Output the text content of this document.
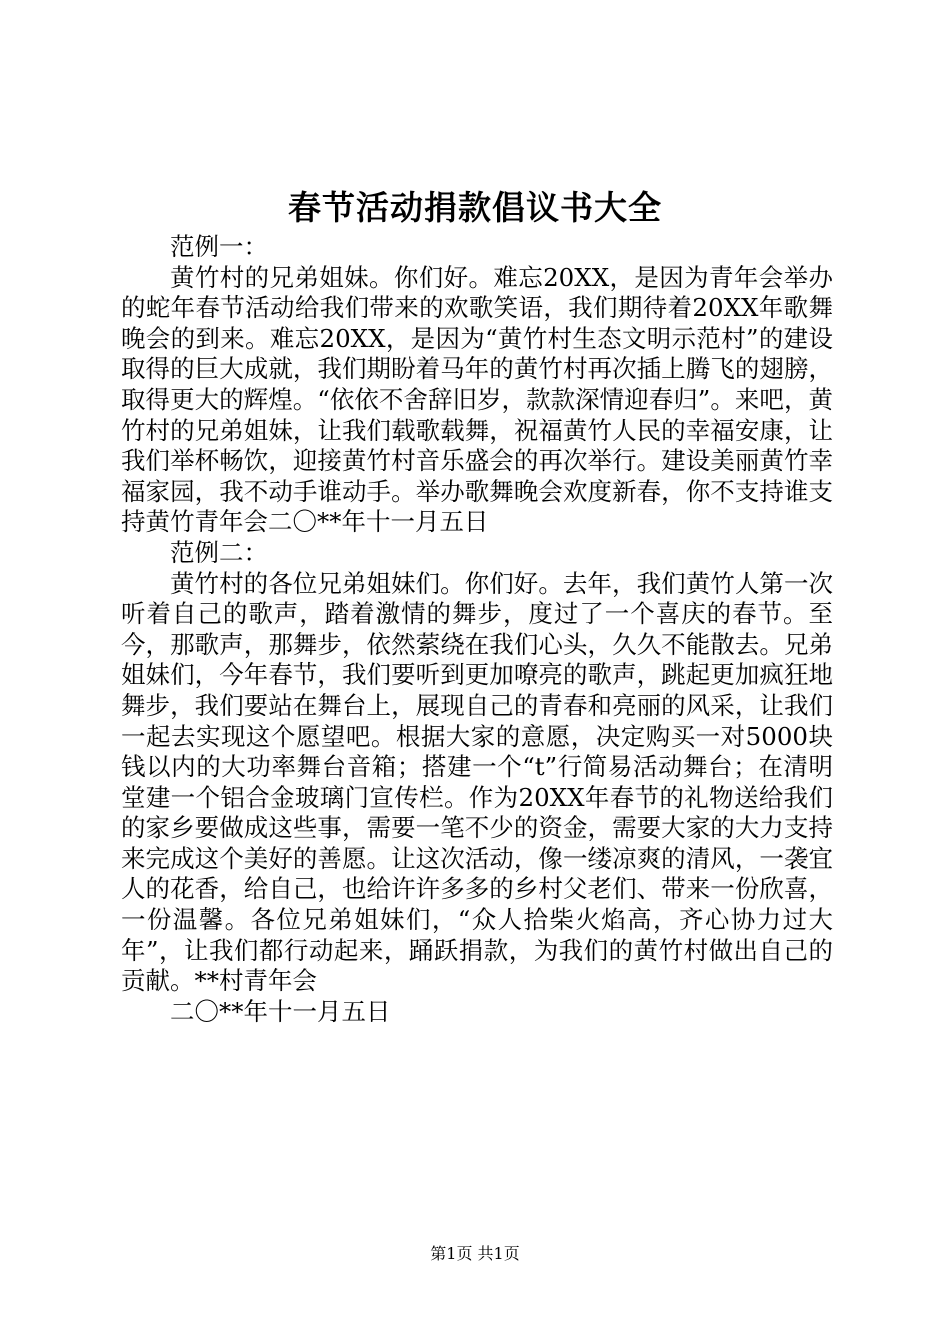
春节活动捐款倡议书大全

范例一：

黄竹村的兄弟姐妹。你们好。难忘20XX，是因为青年会举办的蛇年春节活动给我们带来的欢歌笑语，我们期待着20XX年歌舞晚会的到来。难忘20XX，是因为“黄竹村生态文明示范村”的建设取得的巨大成就，我们期盼着马年的黄竹村再次插上腾飞的翅膀，取得更大的辉煌。“依依不舍辞旧岁，款款深情迎春归”。来吧，黄竹村的兄弟姐妹，让我们载歌载舞，祝福黄竹人民的幸福安康，让我们举杯畅饮，迎接黄竹村音乐盛会的再次举行。建设美丽黄竹幸福家园，我不动手谁动手。举办歌舞晚会欢度新春，你不支持谁支持黄竹青年会二〇**年十一月五日

范例二：

黄竹村的各位兄弟姐妹们。你们好。去年，我们黄竹人第一次听着自己的歌声，踏着激情的舞步，度过了一个喜庆的春节。至今，那歌声，那舞步，依然萦绕在我们心头，久久不能散去。兄弟姐妹们，今年春节，我们要听到更加嘹亮的歌声，跳起更加疯狂地舞步，我们要站在舞台上，展现自己的青春和亮丽的风采，让我们一起去实现这个愿望吧。根据大家的意愿，决定购买一对5000块钱以内的大功率舞台音箱；搭建一个“t”行简易活动舞台；在清明堂建一个铝合金玻璃门宣传栏。作为20XX年春节的礼物送给我们的家乡要做成这些事，需要一笔不少的资金，需要大家的大力支持来完成这个美好的善愿。让这次活动，像一缕凉爽的清风，一袭宜人的花香，给自己，也给许许多多的乡村父老们、带来一份欣喜，一份温馨。各位兄弟姐妹们，“众人拾柴火焰高，齐心协力过大年”，让我们都行动起来，踊跃捐款，为我们的黄竹村做出自己的贡献。**村青年会

二〇**年十一月五日

第1页 共1页
